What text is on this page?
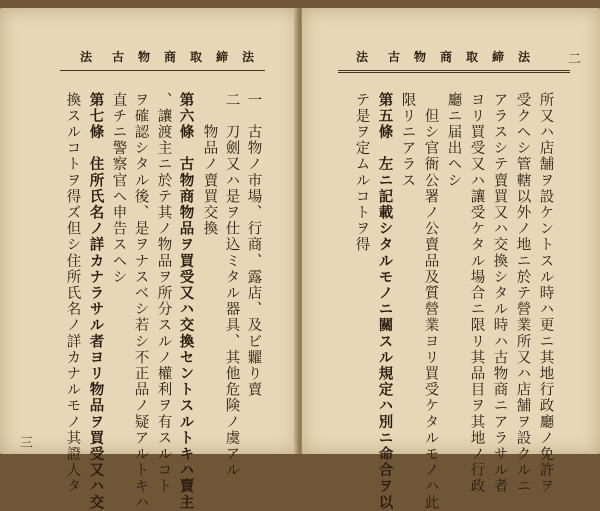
法 古物商取締法
一　古物ノ市場、行商、露店、及ビ糶り賣
二　刀劍又ハ是ヲ仕込ミタル器具、其他危険ノ虞アル
　　物品ノ賣買交換
第六條　古物商物品ヲ買受又ハ交換セントスルトキハ賣主
、讓渡主ニ於テ其ノ物品ヲ所分スルノ權利ヲ有スルコト
ヲ確認シタル後、是ヲナスベシ若シ不正品ノ疑アルトキハ
直チニ警察官ヘ申告スヘシ
第七條　住所氏名ノ詳カナラサル者ヨリ物品ヲ買受又ハ交
換スルコトヲ得ズ但シ住所氏名ノ詳カナルモノ其證人タ
三
法 古物商取締法 二
所又ハ店舗ヲ設ケントスル時ハ更ニ其地行政廳ノ免許ヲ
受クヘシ管轄以外ノ地ニ於テ營業所又ハ店舗ヲ設クルニ
アラスシテ賣買又ハ交換シタル時ハ古物商ニアラサル者
ヨリ買受又ハ讓受ケタル場合ニ限リ其品目ヲ其地ノ行政
廳ニ届出ヘシ
　但シ官衙公署ノ公賣品及質營業ヨリ買受ケタルモノハ此
限リニアラス
第五條　左ニ記載シタルモノニ關スル規定ハ別ニ命合ヲ以
テ是ヲ定ムルコトヲ得
